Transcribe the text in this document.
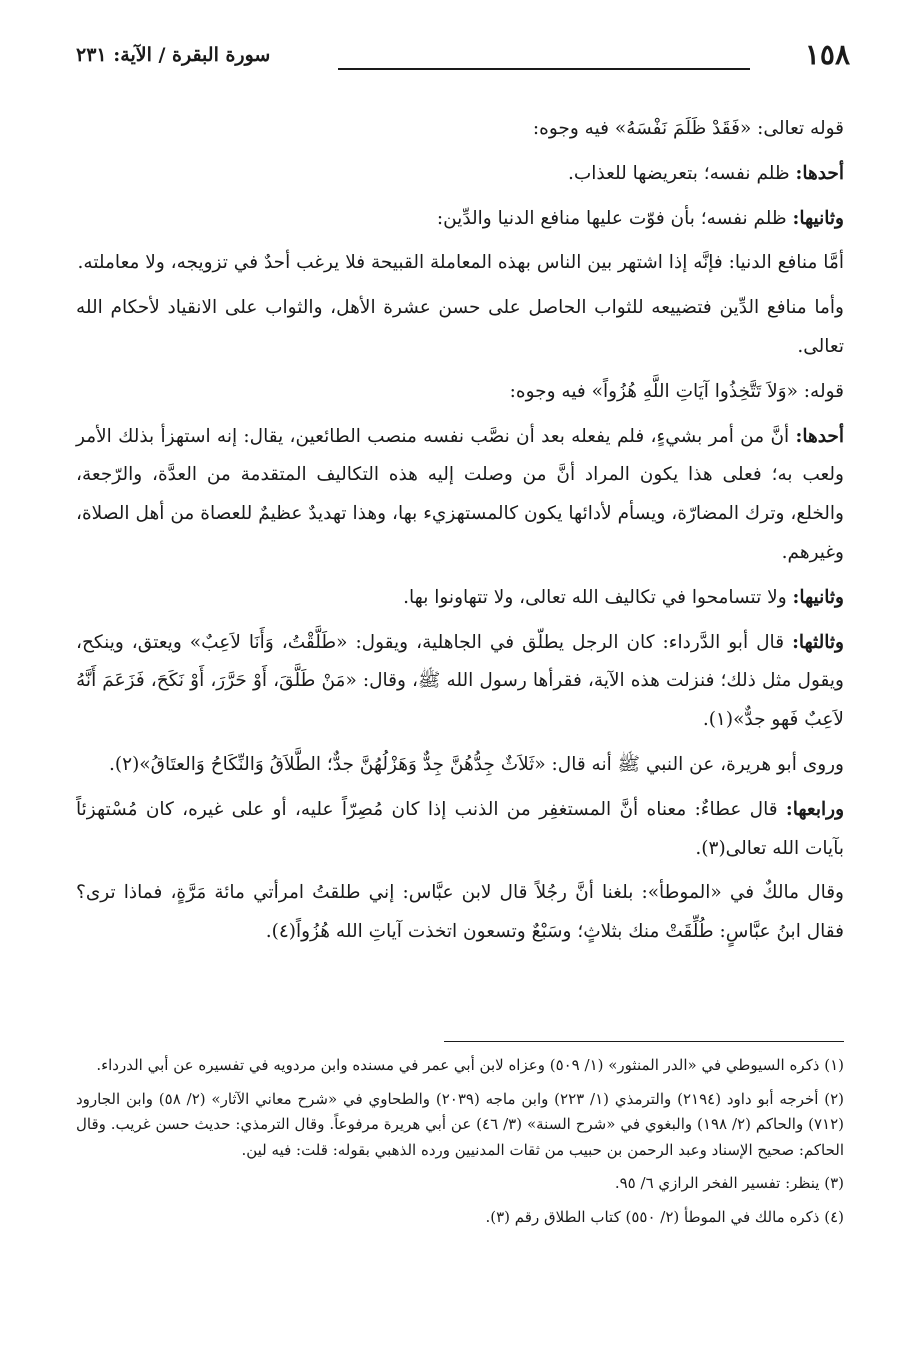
١٥٨
سورة البقرة / الآية: ٢٣١

قوله تعالى: «فَقَدْ ظَلَمَ نَفْسَهُ» فيه وجوه:

أحدها: ظلم نفسه؛ بتعريضها للعذاب.

وثانيها: ظلم نفسه؛ بأن فوّت عليها منافع الدنيا والدِّين:

أمَّا منافع الدنيا: فإنَّه إذا اشتهر بين الناس بهذه المعاملة القبيحة فلا يرغب أحدٌ في تزويجه، ولا معاملته.

وأما منافع الدِّين فتضييعه للثواب الحاصل على حسن عشرة الأهل، والثواب على الانقياد لأحكام الله تعالى.

قوله: «وَلاَ تَتَّخِذُوا آيَاتِ اللَّهِ هُزُواً» فيه وجوه:

أحدها: أنَّ من أمر بشيءٍ، فلم يفعله بعد أن نصَّب نفسه منصب الطائعين، يقال: إنه استهزأ بذلك الأمر ولعب به؛ فعلى هذا يكون المراد أنَّ من وصلت إليه هذه التكاليف المتقدمة من العدَّة، والرّجعة، والخلع، وترك المضارّة، ويسأم لأدائها يكون كالمستهزيء بها، وهذا تهديدٌ عظيمٌ للعصاة من أهل الصلاة، وغيرهم.

وثانيها: ولا تتسامحوا في تكاليف الله تعالى، ولا تتهاونوا بها.

وثالثها: قال أبو الدَّرداء: كان الرجل يطلّق في الجاهلية، ويقول: «طَلَّقْتُ، وَأَنَا لاَعِبٌ» ويعتق، وينكح، ويقول مثل ذلك؛ فنزلت هذه الآية، فقرأها رسول الله ﷺ، وقال: «مَنْ طَلَّقَ، أَوْ حَرَّرَ، أَوْ نَكَحَ، فَزَعَمَ أَنَّهُ لاَعِبٌ فَهو جدٌّ»(١).

وروى أبو هريرة، عن النبي ﷺ أنه قال: «ثَلاَثٌ جِدُّهُنَّ جِدٌّ وَهَزْلُهُنَّ جدٌّ؛ الطَّلاَقُ وَالنِّكَاحُ وَالعتَاقُ»(٢).

ورابعها: قال عطاءٌ: معناه أنَّ المستغفِر من الذنب إذا كان مُصِرّاً عليه، أو على غيره، كان مُسْتهزئاً بآيات الله تعالى(٣).

وقال مالكٌ في «الموطأ»: بلغنا أنَّ رجُلاً قال لابن عبَّاس: إني طلقتُ امرأتي مائة مَرَّةٍ، فماذا ترى؟ فقال ابنُ عبَّاسٍ: طُلِّقَتْ منك بثلاثٍ؛ وسَبْعٌ وتسعون اتخذت آياتِ الله هُزُواً(٤).

(١) ذكره السيوطي في «الدر المنثور» (١/ ٥٠٩) وعزاه لابن أبي عمر في مسنده وابن مردويه في تفسيره عن أبي الدرداء.

(٢) أخرجه أبو داود (٢١٩٤) والترمذي (١/ ٢٢٣) وابن ماجه (٢٠٣٩) والطحاوي في «شرح معاني الآثار» (٢/ ٥٨) وابن الجارود (٧١٢) والحاكم (٢/ ١٩٨) والبغوي في «شرح السنة» (٣/ ٤٦) عن أبي هريرة مرفوعاً. وقال الترمذي: حديث حسن غريب. وقال الحاكم: صحيح الإسناد وعبد الرحمن بن حبيب من ثقات المدنيين ورده الذهبي بقوله: قلت: فيه لين.

(٣) ينظر: تفسير الفخر الرازي ٦/ ٩٥.

(٤) ذكره مالك في الموطأ (٢/ ٥٥٠) كتاب الطلاق رقم (٣).
